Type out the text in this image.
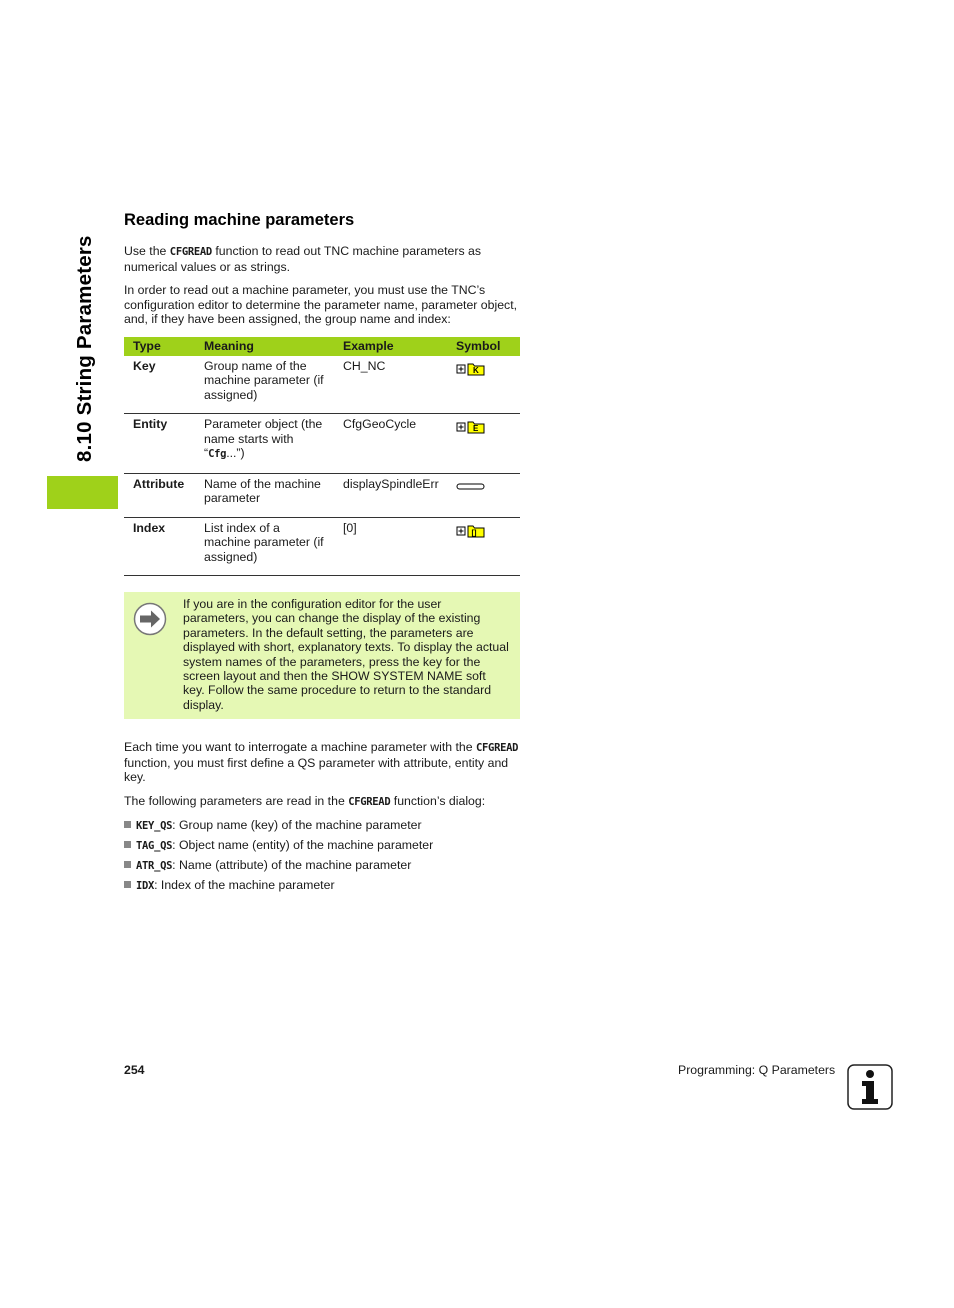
8.10 String Parameters
Reading machine parameters

Use the CFGREAD function to read out TNC machine parameters as numerical values or as strings.

In order to read out a machine parameter, you must use the TNC’s configuration editor to determine the parameter name, parameter object, and, if they have been assigned, the group name and index:

Type	Meaning	Example	Symbol
Key	Group name of the machine parameter (if assigned)	CH_NC	K

Entity	Parameter object (the name starts with “Cfg...”)	CfgGeoCycle	E

Attribute	Name of the machine parameter	displaySpindleErr	
Index	List index of a machine parameter (if assigned)	[0]	[]
If you are in the configuration editor for the user parameters, you can change the display of the existing parameters. In the default setting, the parameters are displayed with short, explanatory texts. To display the actual system names of the parameters, press the key for the screen layout and then the SHOW SYSTEM NAME soft key. Follow the same procedure to return to the standard display.

Each time you want to interrogate a machine parameter with the CFGREAD function, you must first define a QS parameter with attribute, entity and key.

The following parameters are read in the CFGREAD function’s dialog:

KEY_QS: Group name (key) of the machine parameter
TAG_QS: Object name (entity) of the machine parameter
ATR_QS: Name (attribute) of the machine parameter
IDX: Index of the machine parameter
254	Programming: Q Parameters
